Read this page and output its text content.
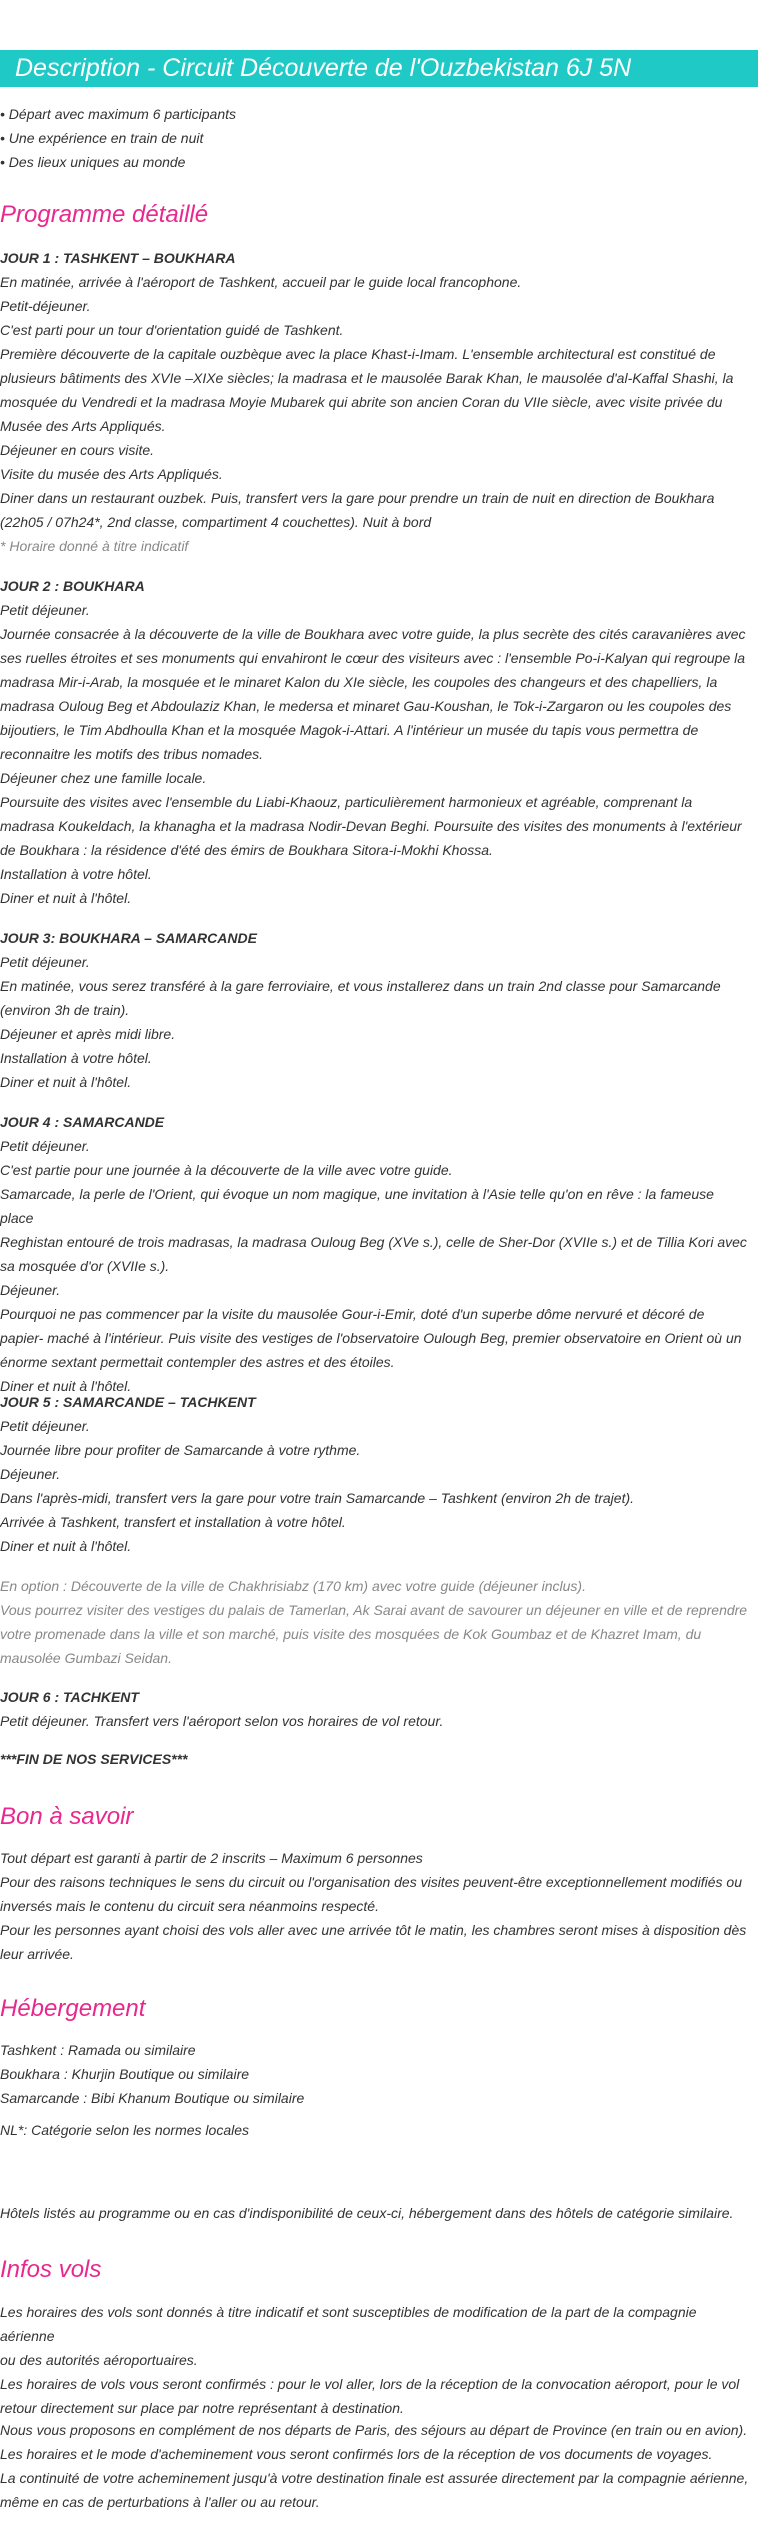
Description - Circuit Découverte de l'Ouzbekistan 6J 5N

• Départ avec maximum 6 participants

• Une expérience en train de nuit

• Des lieux uniques au monde

Programme détaillé

JOUR 1 : TASHKENT – BOUKHARA

En matinée, arrivée à l'aéroport de Tashkent, accueil par le guide local francophone.

Petit-déjeuner.

C'est parti pour un tour d'orientation guidé de Tashkent.

Première découverte de la capitale ouzbèque avec la place Khast-i-Imam. L'ensemble architectural est constitué de

plusieurs bâtiments des XVIe –XIXe siècles; la madrasa et le mausolée Barak Khan, le mausolée d'al-Kaffal Shashi, la

mosquée du Vendredi et la madrasa Moyie Mubarek qui abrite son ancien Coran du VIIe siècle, avec visite privée du

Musée des Arts Appliqués.

Déjeuner en cours visite.

Visite du musée des Arts Appliqués.

Diner dans un restaurant ouzbek. Puis, transfert vers la gare pour prendre un train de nuit en direction de Boukhara

(22h05 / 07h24*, 2nd classe, compartiment 4 couchettes). Nuit à bord

* Horaire donné à titre indicatif

JOUR 2 : BOUKHARA

Petit déjeuner.

Journée consacrée à la découverte de la ville de Boukhara avec votre guide, la plus secrète des cités caravanières avec

ses ruelles étroites et ses monuments qui envahiront le cœur des visiteurs avec : l'ensemble Po-i-Kalyan qui regroupe la

madrasa Mir-i-Arab, la mosquée et le minaret Kalon du XIe siècle, les coupoles des changeurs et des chapelliers, la

madrasa Ouloug Beg et Abdoulaziz Khan, le medersa et minaret Gau-Koushan, le Tok-i-Zargaron ou les coupoles des

bijoutiers, le Tim Abdhoulla Khan et la mosquée Magok-i-Attari. A l'intérieur un musée du tapis vous permettra de

reconnaitre les motifs des tribus nomades.

Déjeuner chez une famille locale.

Poursuite des visites avec l'ensemble du Liabi-Khaouz, particulièrement harmonieux et agréable, comprenant la

madrasa Koukeldach, la khanagha et la madrasa Nodir-Devan Beghi. Poursuite des visites des monuments à l'extérieur

de Boukhara : la résidence d'été des émirs de Boukhara Sitora-i-Mokhi Khossa.

Installation à votre hôtel.

Diner et nuit à l'hôtel.

JOUR 3: BOUKHARA – SAMARCANDE

Petit déjeuner.

En matinée, vous serez transféré à la gare ferroviaire, et vous installerez dans un train 2nd classe pour Samarcande

(environ 3h de train).

Déjeuner et après midi libre.

Installation à votre hôtel.

Diner et nuit à l'hôtel.

JOUR 4 : SAMARCANDE

Petit déjeuner.

C'est partie pour une journée à la découverte de la ville avec votre guide.

Samarcade, la perle de l'Orient, qui évoque un nom magique, une invitation à l'Asie telle qu'on en rêve : la fameuse place

Reghistan entouré de trois madrasas, la madrasa Ouloug Beg (XVe s.), celle de Sher-Dor (XVIIe s.) et de Tillia Kori avec

sa mosquée d'or (XVIIe s.).

Déjeuner.

Pourquoi ne pas commencer par la visite du mausolée Gour-i-Emir, doté d'un superbe dôme nervuré et décoré de

papier- maché à l'intérieur. Puis visite des vestiges de l'observatoire Oulough Beg, premier observatoire en Orient où un

énorme sextant permettait contempler des astres et des étoiles.

Diner et nuit à l'hôtel.

JOUR 5 : SAMARCANDE – TACHKENT

Petit déjeuner.

Journée libre pour profiter de Samarcande à votre rythme.

Déjeuner.

Dans l'après-midi, transfert vers la gare pour votre train Samarcande – Tashkent (environ 2h de trajet).

Arrivée à Tashkent, transfert et installation à votre hôtel.

Diner et nuit à l'hôtel.

En option : Découverte de la ville de Chakhrisiabz (170 km) avec votre guide (déjeuner inclus).

Vous pourrez visiter des vestiges du palais de Tamerlan, Ak Sarai avant de savourer un déjeuner en ville et de reprendre

votre promenade dans la ville et son marché, puis visite des mosquées de Kok Goumbaz et de Khazret Imam, du

mausolée Gumbazi Seidan.

JOUR 6 : TACHKENT

Petit déjeuner. Transfert vers l'aéroport selon vos horaires de vol retour.

***FIN DE NOS SERVICES***

Bon à savoir

Tout départ est garanti à partir de 2 inscrits – Maximum 6 personnes

Pour des raisons techniques le sens du circuit ou l'organisation des visites peuvent-être exceptionnellement modifiés ou

inversés mais le contenu du circuit sera néanmoins respecté.

Pour les personnes ayant choisi des vols aller avec une arrivée tôt le matin, les chambres seront mises à disposition dès

leur arrivée.

Hébergement

Tashkent : Ramada ou similaire

Boukhara : Khurjin Boutique ou similaire

Samarcande : Bibi Khanum Boutique ou similaire

NL*: Catégorie selon les normes locales

Hôtels listés au programme ou en cas d'indisponibilité de ceux-ci, hébergement dans des hôtels de catégorie similaire.

Infos vols

Les horaires des vols sont donnés à titre indicatif et sont susceptibles de modification de la part de la compagnie aérienne

ou des autorités aéroportuaires.

Les horaires de vols vous seront confirmés : pour le vol aller, lors de la réception de la convocation aéroport, pour le vol

retour directement sur place par notre représentant à destination.

Nous vous proposons en complément de nos départs de Paris, des séjours au départ de Province (en train ou en avion).

Les horaires et le mode d'acheminement vous seront confirmés lors de la réception de vos documents de voyages.

La continuité de votre acheminement jusqu'à votre destination finale est assurée directement par la compagnie aérienne,

même en cas de perturbations à l'aller ou au retour.
